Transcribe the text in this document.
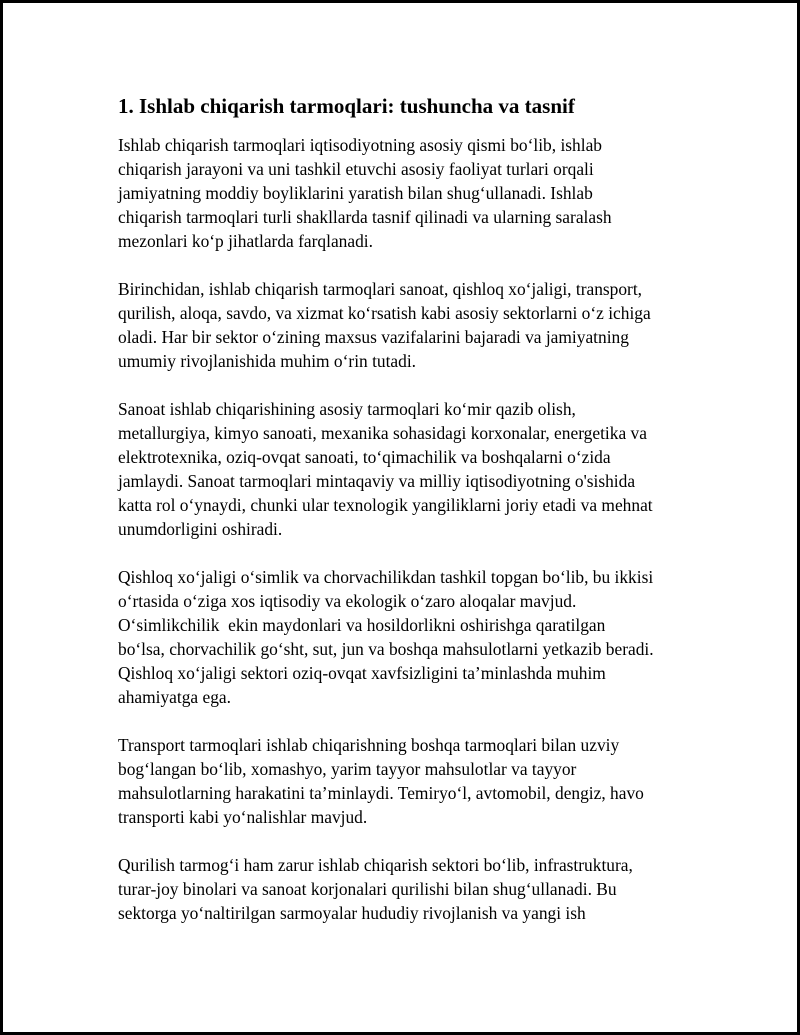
1. Ishlab chiqarish tarmoqlari: tushuncha va tasnif

Ishlab chiqarish tarmoqlari iqtisodiyotning asosiy qismi bo‘lib, ishlab
chiqarish jarayoni va uni tashkil etuvchi asosiy faoliyat turlari orqali
jamiyatning moddiy boyliklarini yaratish bilan shug‘ullanadi. Ishlab
chiqarish tarmoqlari turli shakllarda tasnif qilinadi va ularning saralash
mezonlari ko‘p jihatlarda farqlanadi.

Birinchidan, ishlab chiqarish tarmoqlari sanoat, qishloq xo‘jaligi, transport,
qurilish, aloqa, savdo, va xizmat ko‘rsatish kabi asosiy sektorlarni o‘z ichiga
oladi. Har bir sektor o‘zining maxsus vazifalarini bajaradi va jamiyatning
umumiy rivojlanishida muhim o‘rin tutadi.

Sanoat ishlab chiqarishining asosiy tarmoqlari ko‘mir qazib olish,
metallurgiya, kimyo sanoati, mexanika sohasidagi korxonalar, energetika va
elektrotexnika, oziq-ovqat sanoati, to‘qimachilik va boshqalarni o‘zida
jamlaydi. Sanoat tarmoqlari mintaqaviy va milliy iqtisodiyotning o'sishida
katta rol o‘ynaydi, chunki ular texnologik yangiliklarni joriy etadi va mehnat
unumdorligini oshiradi.

Qishloq xo‘jaligi o‘simlik va chorvachilikdan tashkil topgan bo‘lib, bu ikkisi
o‘rtasida o‘ziga xos iqtisodiy va ekologik o‘zaro aloqalar mavjud.
O‘simlikchilik  ekin maydonlari va hosildorlikni oshirishga qaratilgan
bo‘lsa, chorvachilik go‘sht, sut, jun va boshqa mahsulotlarni yetkazib beradi.
Qishloq xo‘jaligi sektori oziq-ovqat xavfsizligini ta’minlashda muhim
ahamiyatga ega.

Transport tarmoqlari ishlab chiqarishning boshqa tarmoqlari bilan uzviy
bog‘langan bo‘lib, xomashyo, yarim tayyor mahsulotlar va tayyor
mahsulotlarning harakatini ta’minlaydi. Temiryo‘l, avtomobil, dengiz, havo
transporti kabi yo‘nalishlar mavjud.

Qurilish tarmog‘i ham zarur ishlab chiqarish sektori bo‘lib, infrastruktura,
turar-joy binolari va sanoat korjonalari qurilishi bilan shug‘ullanadi. Bu
sektorga yo‘naltirilgan sarmoyalar hududiy rivojlanish va yangi ish
